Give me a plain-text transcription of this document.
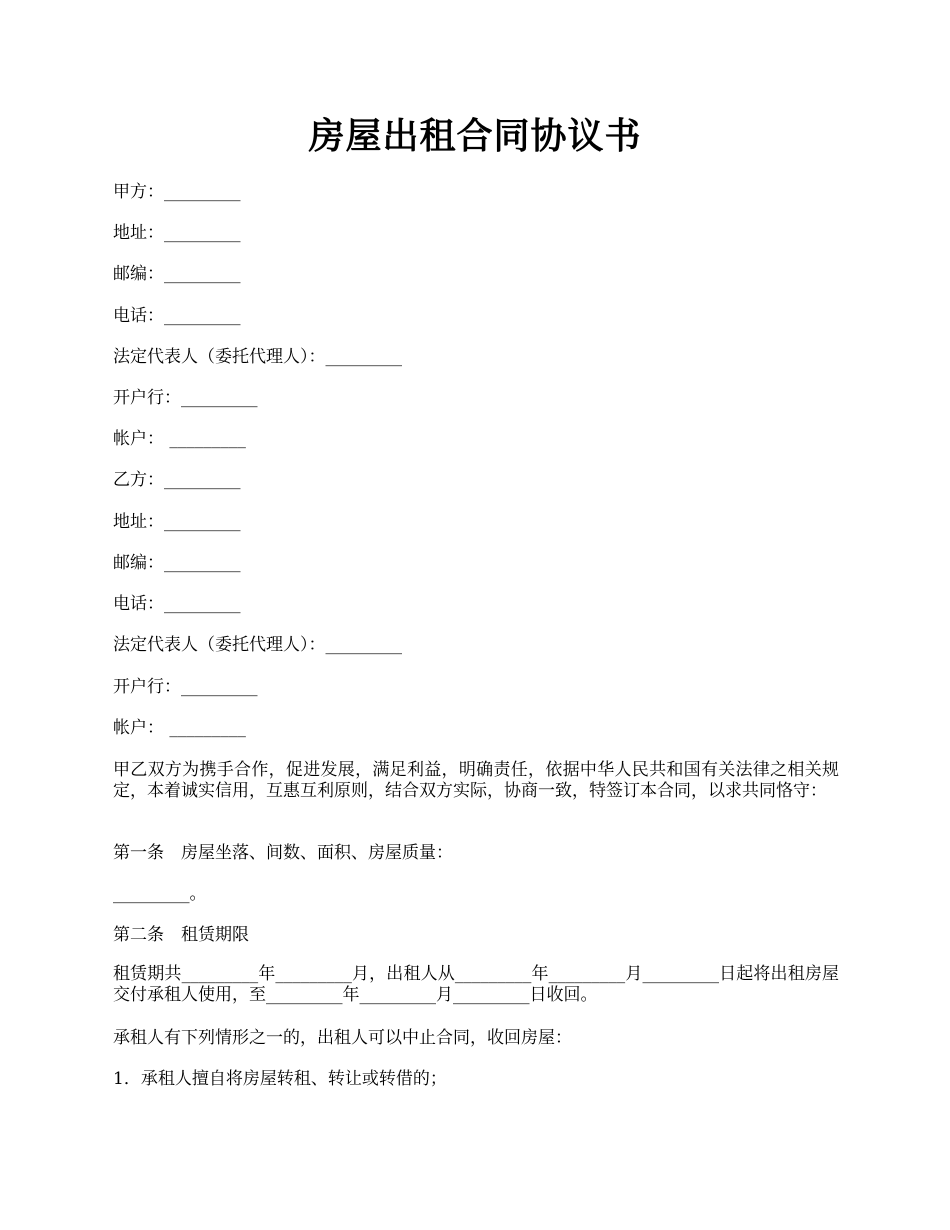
房屋出租合同协议书
甲方：_________
地址：_________
邮编：_________
电话：_________
法定代表人（委托代理人）：_________
开户行：_________
帐户： _________
乙方：_________
地址：_________
邮编：_________
电话：_________
法定代表人（委托代理人）：_________
开户行：_________
帐户： _________
甲乙双方为携手合作，促进发展，满足利益，明确责任，依据中华人民共和国有关法律之相关规定，本着诚实信用，互惠互利原则，结合双方实际，协商一致，特签订本合同，以求共同恪守：
第一条　房屋坐落、间数、面积、房屋质量：
_________。
第二条　租赁期限
租赁期共_________年_________月，出租人从_________年_________月_________日起将出租房屋交付承租人使用，至_________年_________月_________日收回。
承租人有下列情形之一的，出租人可以中止合同，收回房屋：
1．承租人擅自将房屋转租、转让或转借的；
